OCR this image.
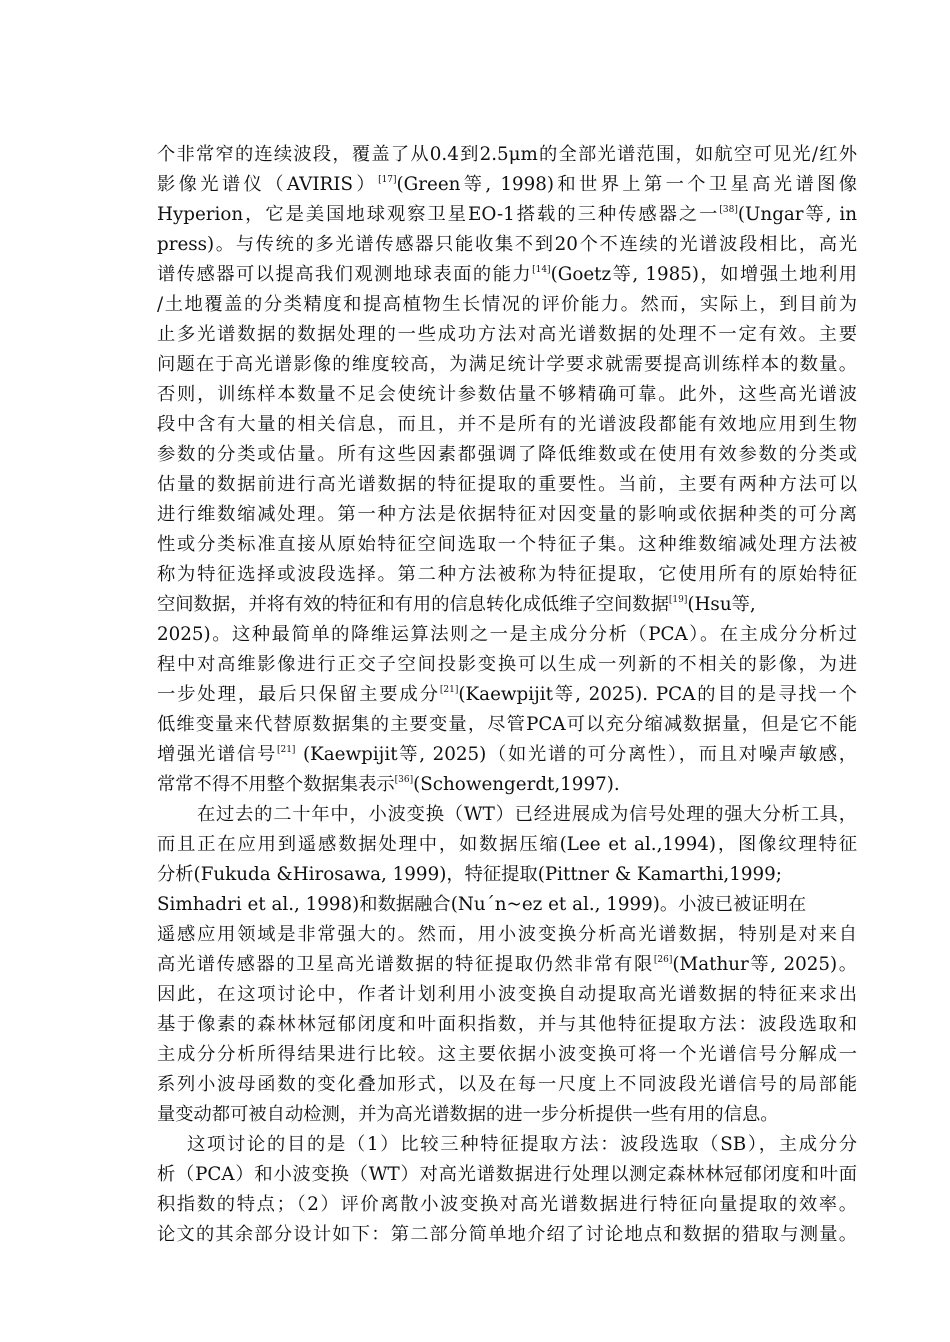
个非常窄的连续波段，覆盖了从0.4到2.5μm的全部光谱范围，如航空可见光/红外
影像光谱仪（AVIRIS）[17](Green等, 1998)和世界上第一个卫星高光谱图像
Hyperion，它是美国地球观察卫星EO-1搭载的三种传感器之一[38](Ungar等, in
press)。与传统的多光谱传感器只能收集不到20个不连续的光谱波段相比，高光
谱传感器可以提高我们观测地球表面的能力[14](Goetz等, 1985)，如增强土地利用
/土地覆盖的分类精度和提高植物生长情况的评价能力。然而，实际上，到目前为
止多光谱数据的数据处理的一些成功方法对高光谱数据的处理不一定有效。主要
问题在于高光谱影像的维度较高，为满足统计学要求就需要提高训练样本的数量。
否则，训练样本数量不足会使统计参数估量不够精确可靠。此外，这些高光谱波
段中含有大量的相关信息，而且，并不是所有的光谱波段都能有效地应用到生物
参数的分类或估量。所有这些因素都强调了降低维数或在使用有效参数的分类或
估量的数据前进行高光谱数据的特征提取的重要性。当前，主要有两种方法可以
进行维数缩减处理。第一种方法是依据特征对因变量的影响或依据种类的可分离
性或分类标准直接从原始特征空间选取一个特征子集。这种维数缩减处理方法被
称为特征选择或波段选择。第二种方法被称为特征提取，它使用所有的原始特征
空间数据，并将有效的特征和有用的信息转化成低维子空间数据[19](Hsu等,
2025)。这种最简单的降维运算法则之一是主成分分析（PCA）。在主成分分析过
程中对高维影像进行正交子空间投影变换可以生成一列新的不相关的影像，为进
一步处理，最后只保留主要成分[21](Kaewpijit等, 2025). PCA的目的是寻找一个
低维变量来代替原数据集的主要变量，尽管PCA可以充分缩减数据量，但是它不能
增强光谱信号[21] (Kaewpijit等, 2025)（如光谱的可分离性），而且对噪声敏感，
常常不得不用整个数据集表示[36](Schowengerdt,1997).
在过去的二十年中，小波变换（WT）已经进展成为信号处理的强大分析工具，
而且正在应用到遥感数据处理中，如数据压缩(Lee et al.,1994)，图像纹理特征
分析(Fukuda &Hirosawa, 1999)，特征提取(Pittner & Kamarthi,1999;
Simhadri et al., 1998)和数据融合(Nu´n~ez et al., 1999)。小波已被证明在
遥感应用领域是非常强大的。然而，用小波变换分析高光谱数据，特别是对来自
高光谱传感器的卫星高光谱数据的特征提取仍然非常有限[26](Mathur等, 2025)。
因此，在这项讨论中，作者计划利用小波变换自动提取高光谱数据的特征来求出
基于像素的森林林冠郁闭度和叶面积指数，并与其他特征提取方法：波段选取和
主成分分析所得结果进行比较。这主要依据小波变换可将一个光谱信号分解成一
系列小波母函数的变化叠加形式，以及在每一尺度上不同波段光谱信号的局部能
量变动都可被自动检测，并为高光谱数据的进一步分析提供一些有用的信息。
这项讨论的目的是（1）比较三种特征提取方法：波段选取（SB），主成分分
析（PCA）和小波变换（WT）对高光谱数据进行处理以测定森林林冠郁闭度和叶面
积指数的特点；（2）评价离散小波变换对高光谱数据进行特征向量提取的效率。
论文的其余部分设计如下：第二部分简单地介绍了讨论地点和数据的猎取与测量。
